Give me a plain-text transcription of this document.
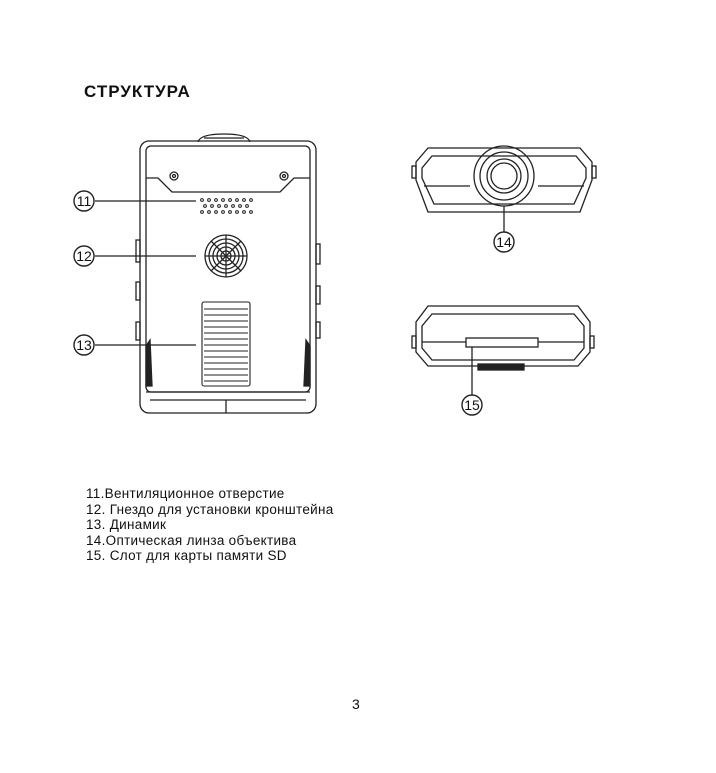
СТРУКТУРА
11
12
13
14
15
11.Вентиляционное отверстие
12. Гнездо для установки кронштейна
13. Динамик
14.Оптическая линза объектива
15. Слот для карты памяти SD
3
